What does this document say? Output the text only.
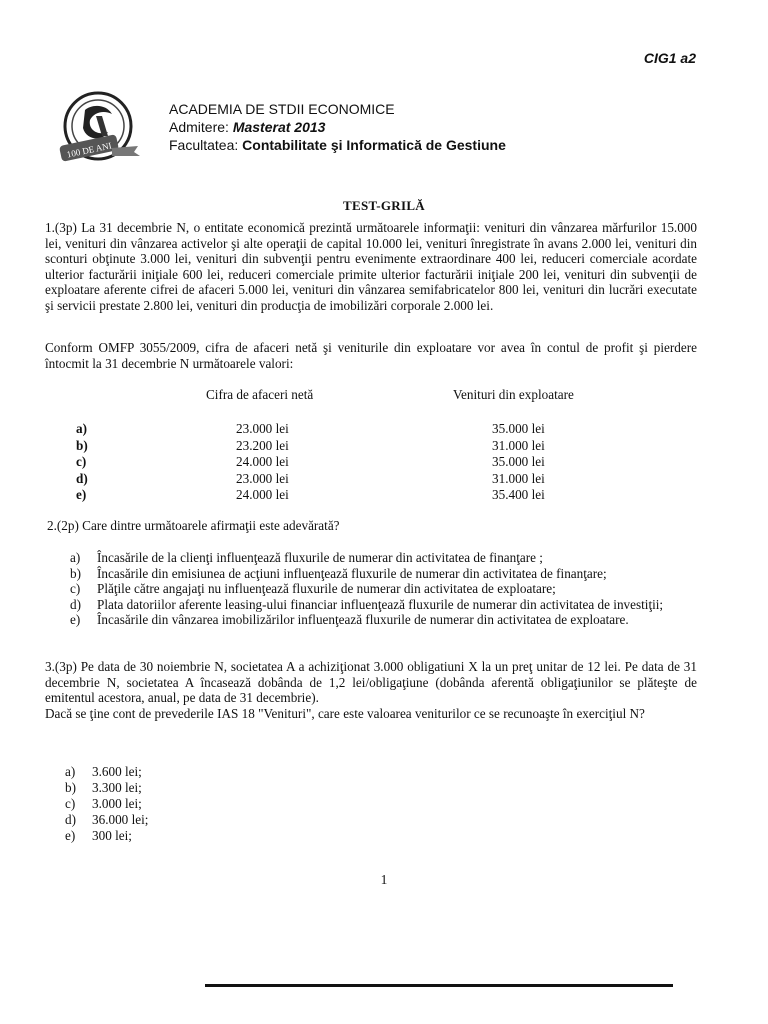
CIG1 a2
100 DE ANI
ACADEMIA DE STDII ECONOMICE
Admitere: Masterat 2013
Facultatea: Contabilitate şi Informatică de Gestiune
TEST-GRILĂ
1.(3p) La 31 decembrie N, o entitate economică prezintă următoarele informaţii: venituri din vânzarea mărfurilor 15.000 lei, venituri din vânzarea activelor şi alte operaţii de capital 10.000 lei, venituri înregistrate în avans 2.000 lei, venituri din sconturi obţinute 3.000 lei, venituri din subvenţii pentru evenimente extraordinare 400 lei, reduceri comerciale acordate ulterior facturării iniţiale 600 lei, reduceri comerciale primite ulterior facturării iniţiale 200 lei, venituri din subvenţii de exploatare aferente cifrei de afaceri 5.000 lei, venituri din vânzarea semifabricatelor 800 lei, venituri din lucrări executate şi servicii prestate 2.800 lei, venituri din producţia de imobilizări corporale 2.000 lei.
Conform OMFP 3055/2009, cifra de afaceri netă şi veniturile din exploatare vor avea în contul de profit şi pierdere întocmit la 31 decembrie N următoarele valori:
Cifra de afaceri netă	Venituri din exploatare
a)	23.000 lei	35.000 lei
b)	23.200 lei	31.000 lei
c)	24.000 lei	35.000 lei
d)	23.000 lei	31.000 lei
e)	24.000 lei	35.400 lei
2.(2p) Care dintre următoarele afirmaţii este adevărată?
a)	Încasările de la clienţi influenţează fluxurile de numerar din activitatea de finanţare ;
b)	Încasările din emisiunea de acţiuni influenţează fluxurile de numerar din activitatea de finanţare;
c)	Plăţile către angajaţi nu influenţează fluxurile de numerar din activitatea de exploatare;
d)	Plata datoriilor aferente leasing-ului financiar influenţează fluxurile de numerar din activitatea de investiţii;
e)	Încasările din vânzarea imobilizărilor influenţează fluxurile de numerar din activitatea de exploatare.
3.(3p) Pe data de 30 noiembrie N, societatea A a achiziţionat 3.000 obligatiuni X la un preţ unitar de 12 lei. Pe data de 31 decembrie N, societatea A încasează dobânda de 1,2 lei/obligaţiune (dobânda aferentă obligaţiunilor se plăteşte de emitentul acestora, anual, pe data de 31 decembrie).
Dacă se ţine cont de prevederile IAS 18 "Venituri", care este valoarea veniturilor ce se recunoaşte în exerciţiul N?
a)	3.600 lei;
b)	3.300 lei;
c)	3.000 lei;
d)	36.000 lei;
e)	300 lei;
1
